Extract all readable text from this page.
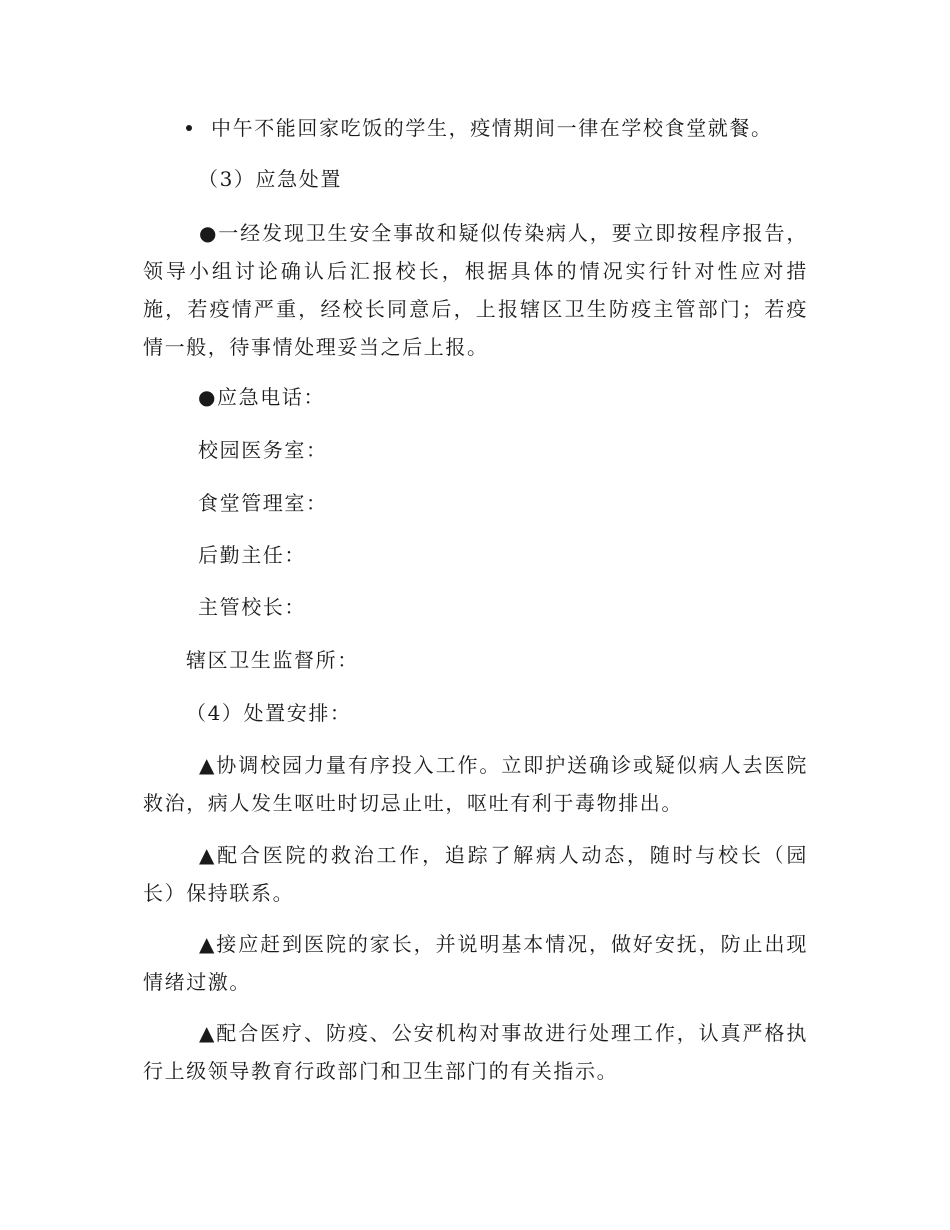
中午不能回家吃饭的学生，疫情期间一律在学校食堂就餐。
（3）应急处置

●一经发现卫生安全事故和疑似传染病人，要立即按程序报告，领导小组讨论确认后汇报校长，根据具体的情况实行针对性应对措施，若疫情严重，经校长同意后，上报辖区卫生防疫主管部门；若疫情一般，待事情处理妥当之后上报。

●应急电话：
校园医务室：
食堂管理室：
后勤主任：
主管校长：
辖区卫生监督所：
（4）处置安排：

▲协调校园力量有序投入工作。立即护送确诊或疑似病人去医院救治，病人发生呕吐时切忌止吐，呕吐有利于毒物排出。

▲配合医院的救治工作，追踪了解病人动态，随时与校长（园长）保持联系。

▲接应赶到医院的家长，并说明基本情况，做好安抚，防止出现情绪过激。

▲配合医疗、防疫、公安机构对事故进行处理工作，认真严格执行上级领导教育行政部门和卫生部门的有关指示。
